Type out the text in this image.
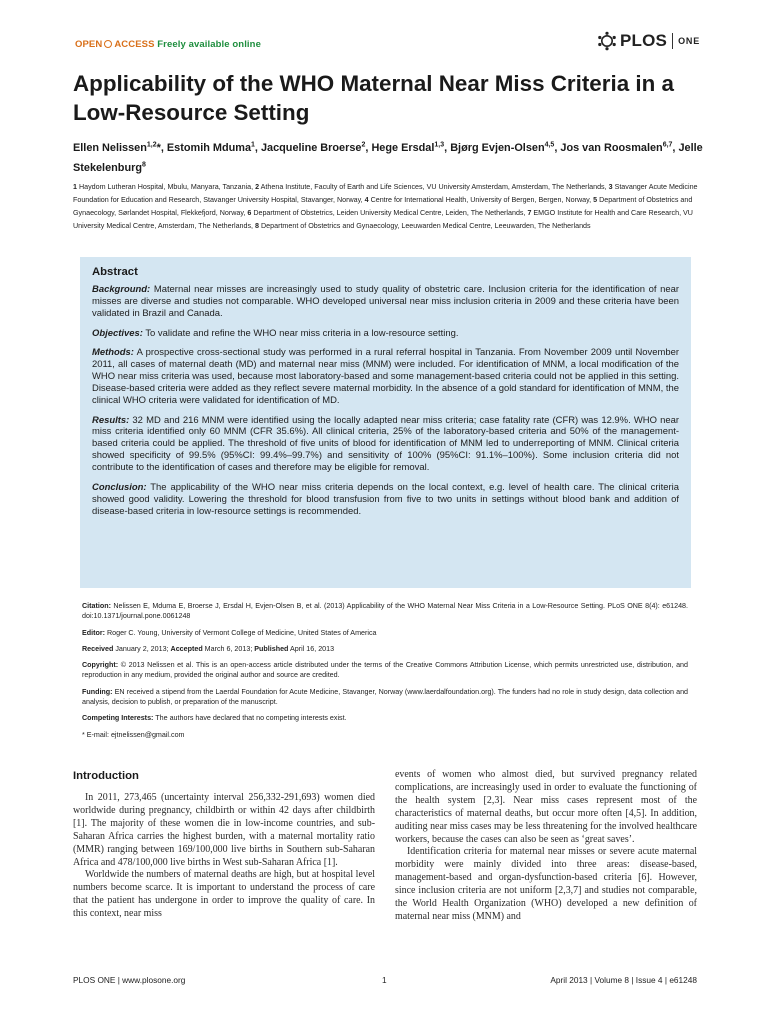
OPEN ACCESS Freely available online	PLOS ONE
Applicability of the WHO Maternal Near Miss Criteria in a Low-Resource Setting
Ellen Nelissen$^{1,2}$*, Estomih Mduma$^1$, Jacqueline Broerse$^2$, Hege Ersdal$^{1,3}$, Bjørg Evjen-Olsen$^{4,5}$, Jos van Roosmalen$^{6,7}$, Jelle Stekelenburg$^8$
1 Haydom Lutheran Hospital, Mbulu, Manyara, Tanzania, 2 Athena Institute, Faculty of Earth and Life Sciences, VU University Amsterdam, Amsterdam, The Netherlands, 3 Stavanger Acute Medicine Foundation for Education and Research, Stavanger University Hospital, Stavanger, Norway, 4 Centre for International Health, University of Bergen, Bergen, Norway, 5 Department of Obstetrics and Gynaecology, Sørlandet Hospital, Flekkefjord, Norway, 6 Department of Obstetrics, Leiden University Medical Centre, Leiden, The Netherlands, 7 EMGO Institute for Health and Care Research, VU University Medical Centre, Amsterdam, The Netherlands, 8 Department of Obstetrics and Gynaecology, Leeuwarden Medical Centre, Leeuwarden, The Netherlands
Abstract

Background: Maternal near misses are increasingly used to study quality of obstetric care. Inclusion criteria for the identification of near misses are diverse and studies not comparable. WHO developed universal near miss inclusion criteria in 2009 and these criteria have been validated in Brazil and Canada.

Objectives: To validate and refine the WHO near miss criteria in a low-resource setting.

Methods: A prospective cross-sectional study was performed in a rural referral hospital in Tanzania. From November 2009 until November 2011, all cases of maternal death (MD) and maternal near miss (MNM) were included. For identification of MNM, a local modification of the WHO near miss criteria was used, because most laboratory-based and some management-based criteria could not be applied in this setting. Disease-based criteria were added as they reflect severe maternal morbidity. In the absence of a gold standard for identification of MNM, the clinical WHO criteria were validated for identification of MD.

Results: 32 MD and 216 MNM were identified using the locally adapted near miss criteria; case fatality rate (CFR) was 12.9%. WHO near miss criteria identified only 60 MNM (CFR 35.6%). All clinical criteria, 25% of the laboratory-based criteria and 50% of the management-based criteria could be applied. The threshold of five units of blood for identification of MNM led to underreporting of MNM. Clinical criteria showed specificity of 99.5% (95%CI: 99.4%–99.7%) and sensitivity of 100% (95%CI: 91.1%–100%). Some inclusion criteria did not contribute to the identification of cases and therefore may be eligible for removal.

Conclusion: The applicability of the WHO near miss criteria depends on the local context, e.g. level of health care. The clinical criteria showed good validity. Lowering the threshold for blood transfusion from five to two units in settings without blood bank and addition of disease-based criteria in low-resource settings is recommended.

Citation: Nelissen E, Mduma E, Broerse J, Ersdal H, Evjen-Olsen B, et al. (2013) Applicability of the WHO Maternal Near Miss Criteria in a Low-Resource Setting. PLoS ONE 8(4): e61248. doi:10.1371/journal.pone.0061248

Editor: Roger C. Young, University of Vermont College of Medicine, United States of America

Received January 2, 2013; Accepted March 6, 2013; Published April 16, 2013

Copyright: © 2013 Nelissen et al. This is an open-access article distributed under the terms of the Creative Commons Attribution License, which permits unrestricted use, distribution, and reproduction in any medium, provided the original author and source are credited.

Funding: EN received a stipend from the Laerdal Foundation for Acute Medicine, Stavanger, Norway (www.laerdalfoundation.org). The funders had no role in study design, data collection and analysis, decision to publish, or preparation of the manuscript.

Competing Interests: The authors have declared that no competing interests exist.

* E-mail: ejtnelissen@gmail.com

Introduction

In 2011, 273,465 (uncertainty interval 256,332-291,693) women died worldwide during pregnancy, childbirth or within 42 days after childbirth [1]. The majority of these women die in low-income countries, and sub-Saharan Africa carries the highest burden, with a maternal mortality ratio (MMR) ranging between 169/100,000 live births in Southern sub-Saharan Africa and 478/100,000 live births in West sub-Saharan Africa [1].

Worldwide the numbers of maternal deaths are high, but at hospital level numbers become scarce. It is important to understand the process of care that the patient has undergone in order to improve the quality of care. In this context, near miss

events of women who almost died, but survived pregnancy related complications, are increasingly used in order to evaluate the functioning of the health system [2,3]. Near miss cases represent most of the characteristics of maternal deaths, but occur more often [4,5]. In addition, auditing near miss cases may be less threatening for the involved healthcare workers, because the cases can also be seen as ‘great saves’.

Identification criteria for maternal near misses or severe acute maternal morbidity were mainly divided into three areas: disease-based, management-based and organ-dysfunction-based criteria [6]. However, since inclusion criteria are not uniform [2,3,7] and studies not comparable, the World Health Organization (WHO) developed a new definition of maternal near miss (MNM) and

PLOS ONE | www.plosone.org	1	April 2013 | Volume 8 | Issue 4 | e61248
